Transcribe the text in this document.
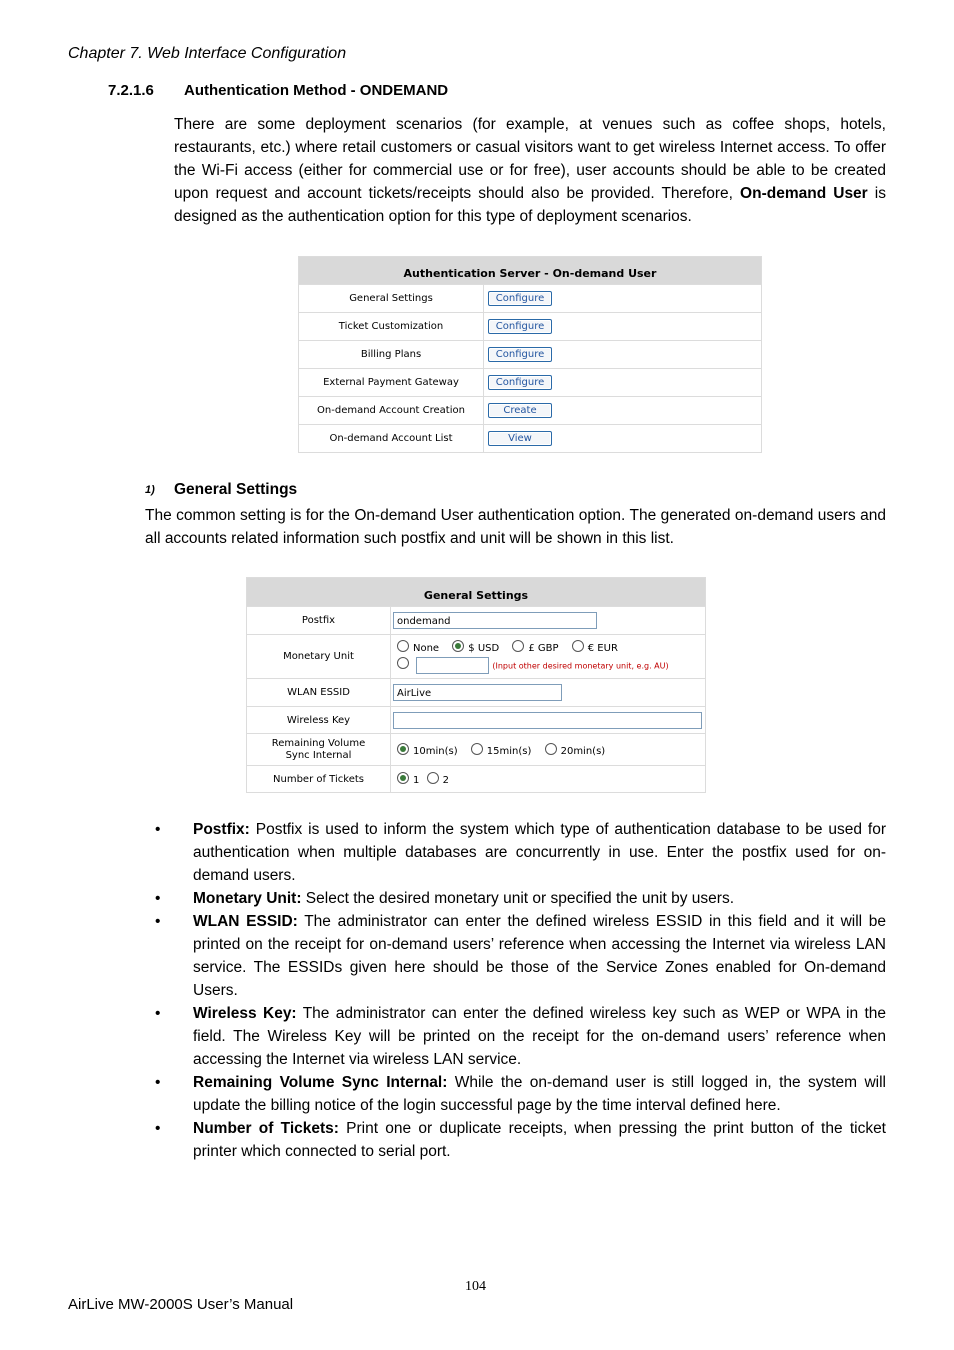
Chapter 7. Web Interface Configuration
7.2.1.6 Authentication Method - ONDEMAND
There are some deployment scenarios (for example, at venues such as coffee shops, hotels, restaurants, etc.) where retail customers or casual visitors want to get wireless Internet access. To offer the Wi-Fi access (either for commercial use or for free), user accounts should be able to be created upon request and account tickets/receipts should also be provided. Therefore, On-demand User is designed as the authentication option for this type of deployment scenarios.
Authentication Server - On-demand User	
General Settings	Configure
Ticket Customization	Configure
Billing Plans	Configure
External Payment Gateway	Configure
On-demand Account Creation	Create
On-demand Account List	View
1) General Settings
The common setting is for the On-demand User authentication option. The generated on-demand users and all accounts related information such postfix and unit will be shown in this list.
General Settings	
Postfix	ondemand
Monetary Unit	None $ USD £ GBP € EUR
(Input other desired monetary unit, e.g. AU)

WLAN ESSID	AirLive
Wireless Key	
Remaining Volume
Sync Internal	10min(s) 15min(s) 20min(s)
Number of Tickets	1 2
•	Postfix: Postfix is used to inform the system which type of authentication database to be used for authentication when multiple databases are concurrently in use. Enter the postfix used for on-demand users.
•	Monetary Unit: Select the desired monetary unit or specified the unit by users.
•	WLAN ESSID: The administrator can enter the defined wireless ESSID in this field and it will be printed on the receipt for on-demand users’ reference when accessing the Internet via wireless LAN service. The ESSIDs given here should be those of the Service Zones enabled for On-demand Users.
•	Wireless Key: The administrator can enter the defined wireless key such as WEP or WPA in the field. The Wireless Key will be printed on the receipt for the on-demand users’ reference when accessing the Internet via wireless LAN service.
•	Remaining Volume Sync Internal: While the on-demand user is still logged in, the system will update the billing notice of the login successful page by the time interval defined here.
•	Number of Tickets: Print one or duplicate receipts, when pressing the print button of the ticket printer which connected to serial port.
104
AirLive MW-2000S User’s Manual
